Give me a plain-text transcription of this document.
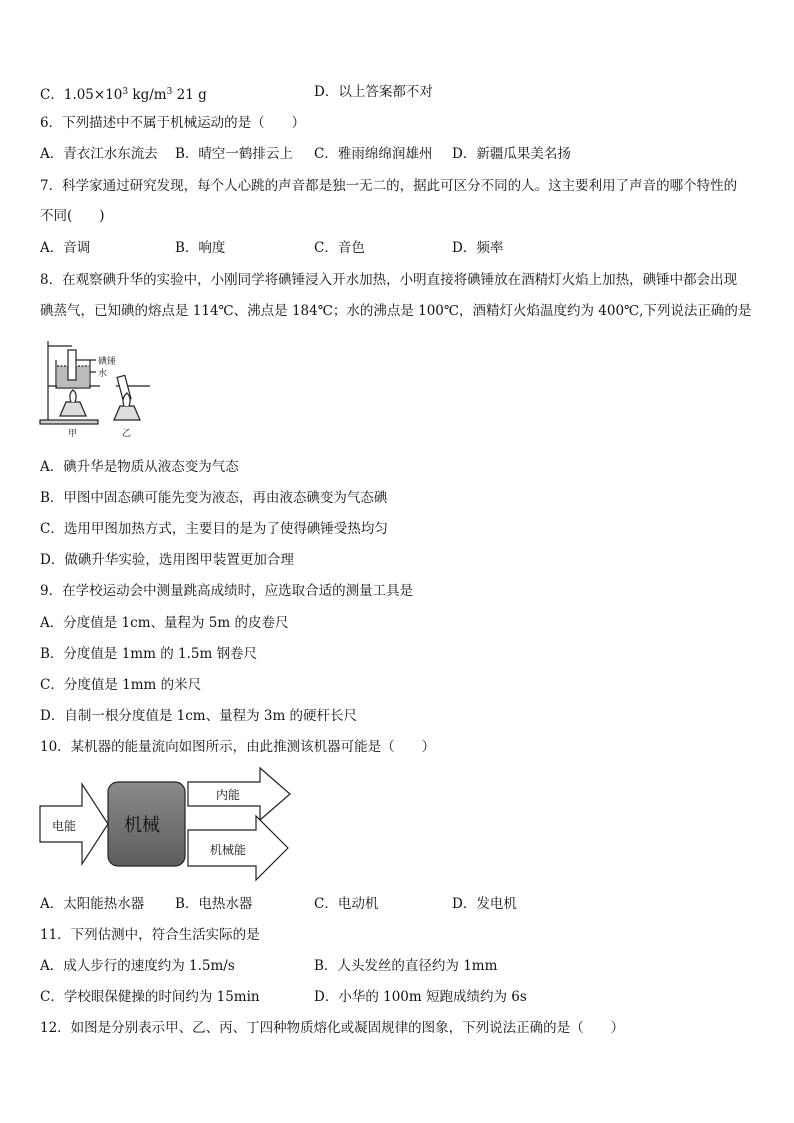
C．$1.05\times 10^3$ $kg/m^3$ 21 g	D．以上答案都不对
6．下列描述中不属于机械运动的是（　　）
A．青衣江水东流去 B．晴空一鹤排云上 C．雅雨绵绵润雄州 D．新疆瓜果美名扬
7．科学家通过研究发现，每个人心跳的声音都是独一无二的，据此可区分不同的人。这主要利用了声音的哪个特性的
不同(　　)
A．音调	B．响度	C．音色	D．频率
8．在观察碘升华的实验中，小刚同学将碘锤浸入开水加热，小明直接将碘锤放在酒精灯火焰上加热，碘锤中都会出现
碘蒸气，已知碘的熔点是 114℃、沸点是 184℃；水的沸点是 100℃，酒精灯火焰温度约为 400℃,下列说法正确的是
碘锤
水
甲	乙
A．碘升华是物质从液态变为气态
B．甲图中固态碘可能先变为液态，再由液态碘变为气态碘
C．选用甲图加热方式，主要目的是为了使得碘锤受热均匀
D．做碘升华实验，选用图甲装置更加合理
9．在学校运动会中测量跳高成绩时，应选取合适的测量工具是
A．分度值是 1cm、量程为 5m 的皮卷尺
B．分度值是 1mm 的 1.5m 钢卷尺
C．分度值是 1mm 的米尺
D．自制一根分度值是 1cm、量程为 3m 的硬杆长尺
10．某机器的能量流向如图所示，由此推测该机器可能是（　　）
电能	机械
内能
机械能
A．太阳能热水器 B．电热水器	C．电动机	D．发电机
11．下列估测中，符合生活实际的是
A．成人步行的速度约为 1.5m/s	B．人头发丝的直径约为 1mm
C．学校眼保健操的时间约为 15min	D．小华的 100m 短跑成绩约为 6s
12．如图是分别表示甲、乙、丙、丁四种物质熔化或凝固规律的图象，下列说法正确的是（　　）
